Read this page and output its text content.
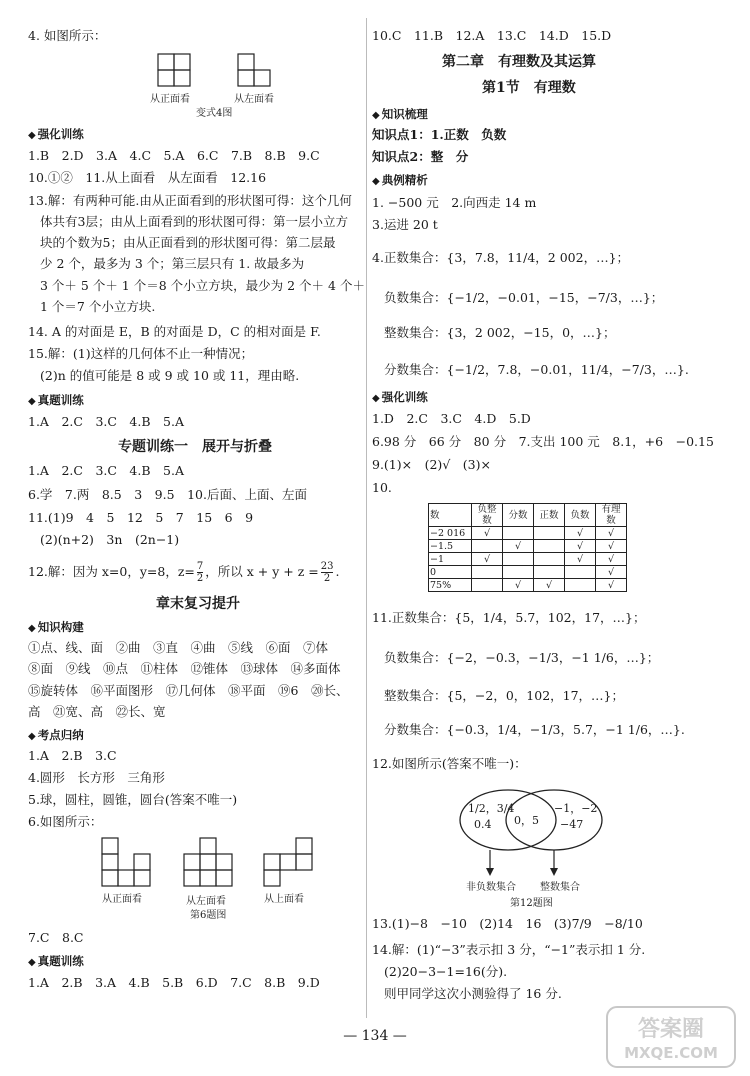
4. 如图所示：
从正面看	从左面看
变式4图
◆ 强化训练
1.B　2.D　3.A　4.C　5.A　6.C　7.B　8.B　9.C
10.①②　11.从上面看　从左面看　12.16
13.解：有两种可能.由从正面看到的形状图可得：这个几何
体共有3层；由从上面看到的形状图可得：第一层小立方
块的个数为5；由从正面看到的形状图可得：第二层最
少 2 个，最多为 3 个；第三层只有 1. 故最多为
3 个＋ 5 个＋ 1 个＝8 个小立方块，最少为 2 个＋ 4 个＋
1 个＝7 个小立方块.
14. A 的对面是 E，B 的对面是 D，C 的相对面是 F.
15.解：(1)这样的几何体不止一种情况；
(2)n 的值可能是 8 或 9 或 10 或 11，理由略.
◆ 真题训练
1.A　2.C　3.C　4.B　5.A
专题训练一　展开与折叠
1.A　2.C　3.C　4.B　5.A
6.学　7.两　8.5　3　9.5　10.后面、上面、左面
11.(1)9　4　5　12　5　7　15　6　9
(2)(n+2)　3n　(2n−1)
12.解：因为 x=0，y=8，$z= \frac{7}{2}$ ，所以 $x + y + z = \frac{23}{2}$ .
章末复习提升
◆ 知识构建
①点、线、面　②曲　③直　④曲　⑤线　⑥面　⑦体
⑧面　⑨线　⑩点　⑪柱体　⑫锥体　⑬球体　⑭多面体
⑮旋转体　⑯平面图形　⑰几何体　⑱平面　⑲6　⑳长、
高　㉑宽、高　㉒长、宽
◆ 考点归纳
1.A　2.B　3.C
4.圆形　长方形　三角形
5.球，圆柱，圆锥，圆台(答案不唯一)
6.如图所示：
从正面看	从左面看	从上面看
第6题图
7.C　8.C
◆ 真题训练
1.A　2.B　3.A　4.B　5.B　6.D　7.C　8.B　9.D
10.C　11.B　12.A　13.C　14.D　15.D
第二章　有理数及其运算
第1节　有理数
◆ 知识梳理
知识点1：1.正数　负数
知识点2：整　分
◆ 典例精析
1. −500 元　2.向西走 14 m
3.运进 20 t
4.正数集合：{3，7.8，11/4，2 002，…}；
负数集合：{−1/2，−0.01，−15，−7/3，…}；
整数集合：{3，2 002，−15，0，…}；
分数集合：{−1/2，7.8，−0.01，11/4，−7/3，…}.
◆ 强化训练
1.D　2.C　3.C　4.D　5.D
6.98 分　66 分　80 分　7.支出 100 元　8.1，+6　−0.15
9.(1)×　(2)√　(3)×
10.
数	负整数	分数	正数	负数	有理数
−2 016	√			√	√
−1.5		√		√	√
−1	√			√	√
0					√
75%		√	√		√
11.正数集合：{5，1/4，5.7，102，17，…}；
负数集合：{−2，−0.3，−1/3，−1 1/6，…}；
整数集合：{5，−2，0，102，17，…}；
分数集合：{−0.3，1/4，−1/3，5.7，−1 1/6，…}.
12.如图所示(答案不唯一)：
1/2，3/4
0.4 0，5
−1，−2
−47
非负数集合 整数集合
第12题图
13.(1)−8　−10　(2)14　16　(3)7/9　−8/10
14.解：(1)“−3”表示扣 3 分，“−1”表示扣 1 分.
(2)20−3−1=16(分).
则甲同学这次小测验得了 16 分.
— 134 —	答案圈
MXQE.COM
